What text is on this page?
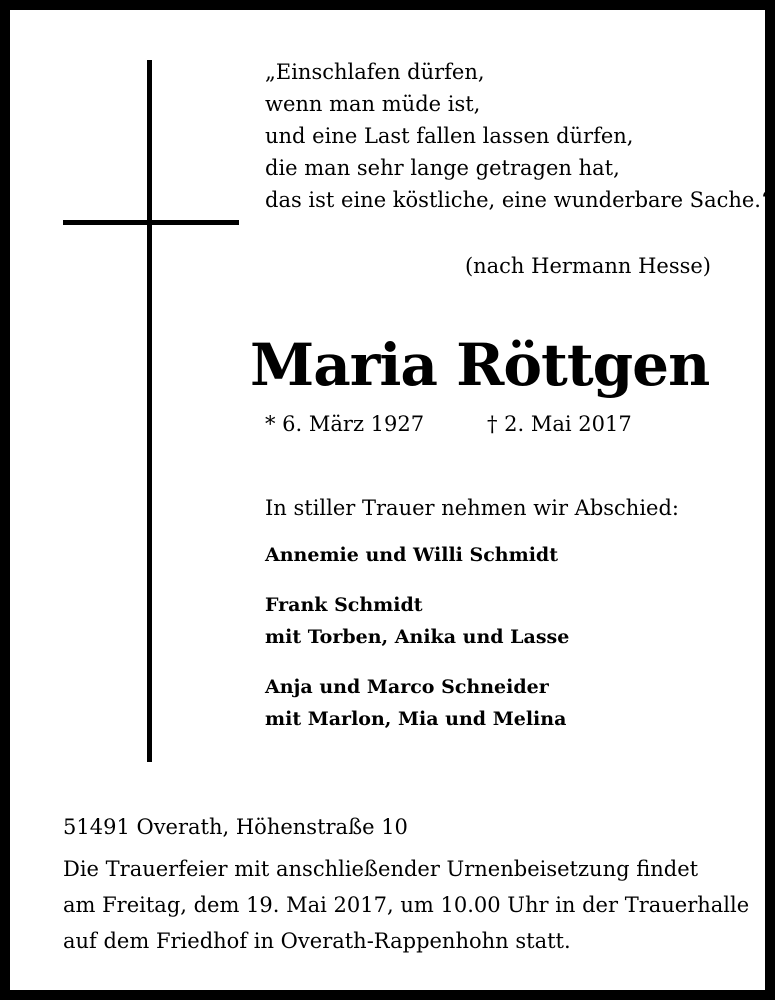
„Einschlafen dürfen,
wenn man müde ist,
und eine Last fallen lassen dürfen,
die man sehr lange getragen hat,
das ist eine köstliche, eine wunderbare Sache.“
(nach Hermann Hesse)
Maria Röttgen
* 6. März 1927	† 2. Mai 2017
In stiller Trauer nehmen wir Abschied:
Annemie und Willi Schmidt
Frank Schmidt
mit Torben, Anika und Lasse
Anja und Marco Schneider
mit Marlon, Mia und Melina
51491 Overath, Höhenstraße 10
Die Trauerfeier mit anschließender Urnenbeisetzung findet
am Freitag, dem 19. Mai 2017, um 10.00 Uhr in der Trauerhalle
auf dem Friedhof in Overath-Rappenhohn statt.
